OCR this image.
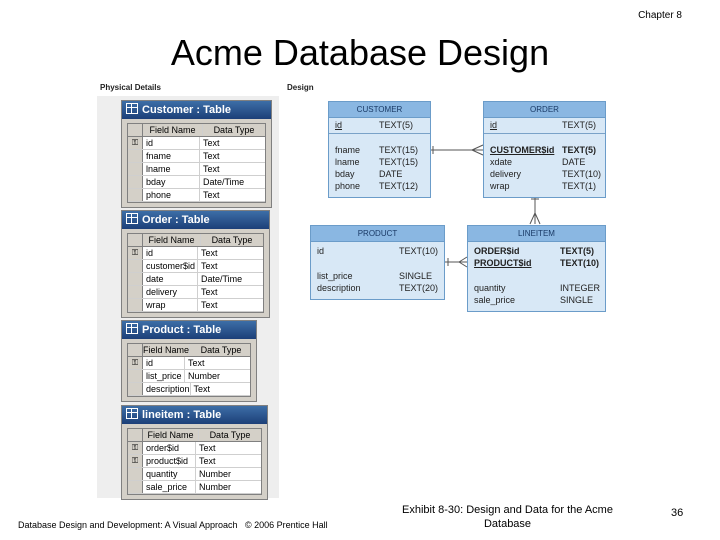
Chapter 8
Acme Database Design
Physical Details	Design
Customer : Table
Field Name	Data Type
⚿ id	Text
fname	Text
lname	Text
bday	Date/Time
phone	Text
Order : Table
Field Name	Data Type
⚿ id	Text
customer$id Text
date	Date/Time
delivery	Text
wrap	Text
Product : Table
Field Name	Data Type
⚿ id	Text
list_price Number
description Text
lineitem : Table
Field Name	Data Type
⚿ order$id	Text
⚿ product$id	Text
quantity	Number
sale_price	Number
CUSTOMER
id	TEXT(5)
fname TEXT(15)
lname TEXT(15)
bday	DATE
phone TEXT(12)
ORDER
id	TEXT(5)
CUSTOMER$id TEXT(5)
xdate	DATE
delivery	TEXT(10)
wrap	TEXT(1)
PRODUCT
id	TEXT(10)
list_price	SINGLE
description	TEXT(20)
LINEITEM
ORDER$id	TEXT(5)
PRODUCT$id	TEXT(10)
quantity	INTEGER
sale_price	SINGLE
Database Design and Development: A Visual Approach   © 2006 Prentice Hall
Exhibit 8-30: Design and Data for the Acme Database
36
